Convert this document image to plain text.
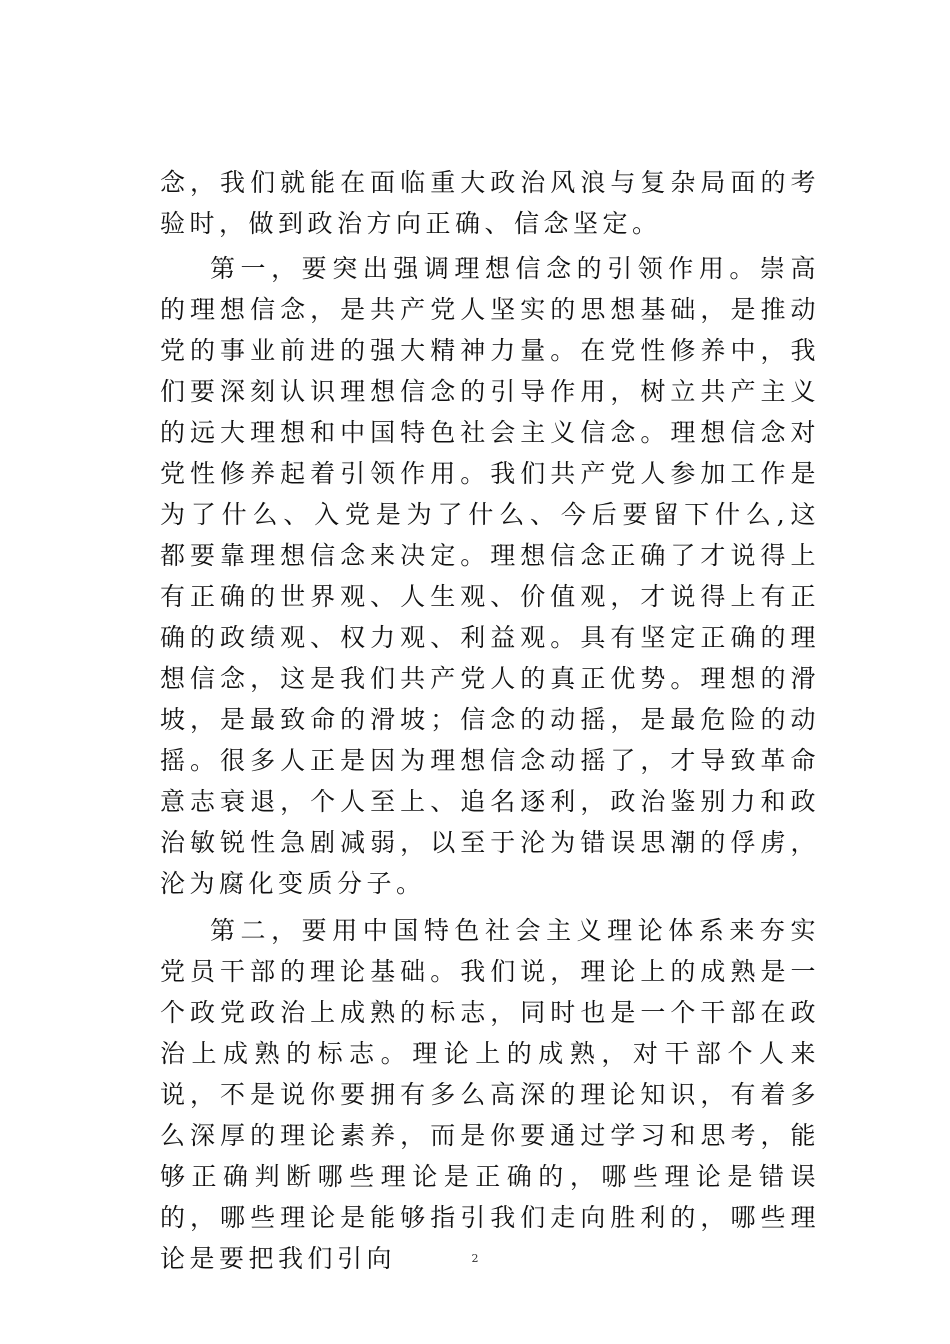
念，我们就能在面临重大政治风浪与复杂局面的考验时，做到政治方向正确、信念坚定。

第一，要突出强调理想信念的引领作用。崇高的理想信念，是共产党人坚实的思想基础，是推动党的事业前进的强大精神力量。在党性修养中，我们要深刻认识理想信念的引导作用，树立共产主义的远大理想和中国特色社会主义信念。理想信念对党性修养起着引领作用。我们共产党人参加工作是为了什么、入党是为了什么、今后要留下什么,这都要靠理想信念来决定。理想信念正确了才说得上有正确的世界观、人生观、价值观，才说得上有正确的政绩观、权力观、利益观。具有坚定正确的理想信念，这是我们共产党人的真正优势。理想的滑坡，是最致命的滑坡；信念的动摇，是最危险的动摇。很多人正是因为理想信念动摇了，才导致革命意志衰退，个人至上、追名逐利，政治鉴别力和政治敏锐性急剧减弱，以至于沦为错误思潮的俘虏，沦为腐化变质分子。

第二，要用中国特色社会主义理论体系来夯实党员干部的理论基础。我们说，理论上的成熟是一个政党政治上成熟的标志，同时也是一个干部在政治上成熟的标志。理论上的成熟，对干部个人来说，不是说你要拥有多么高深的理论知识，有着多么深厚的理论素养，而是你要通过学习和思考，能够正确判断哪些理论是正确的，哪些理论是错误的，哪些理论是能够指引我们走向胜利的，哪些理论是要把我们引向	2
